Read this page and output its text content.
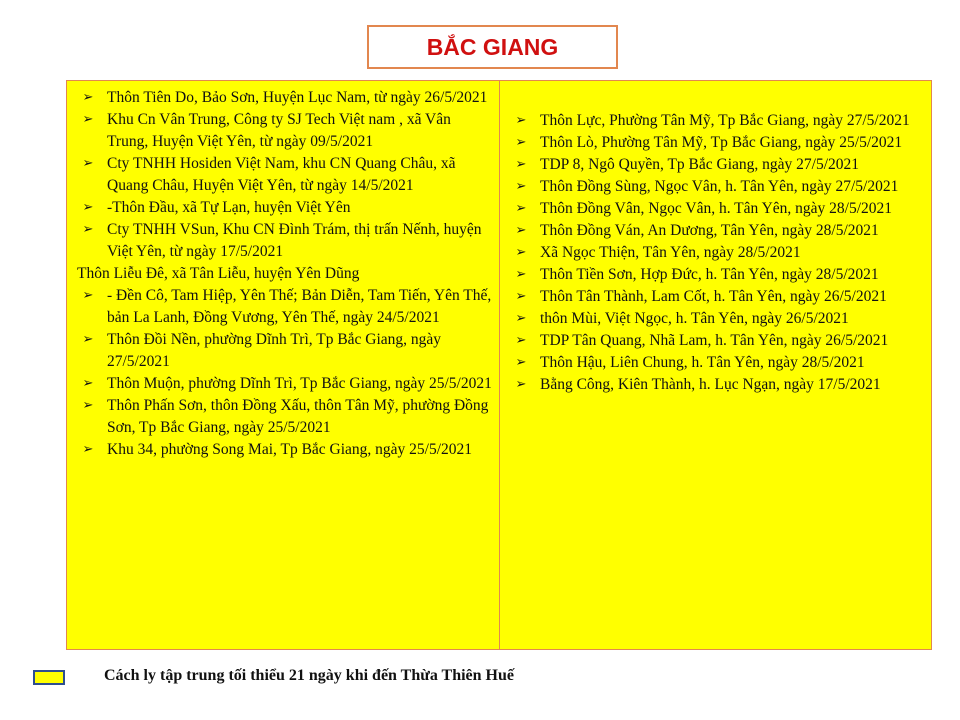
BẮC GIANG
➢ Thôn Tiên Do, Bảo Sơn, Huyện Lục Nam, từ ngày 26/5/2021
➢ Khu Cn Vân Trung, Công ty SJ Tech Việt nam , xã Vân Trung, Huyện Việt Yên, từ ngày 09/5/2021
➢ Cty TNHH Hosiden Việt Nam, khu CN Quang Châu, xã Quang Châu, Huyện Việt Yên, từ ngày 14/5/2021
➢ -Thôn Đầu, xã Tự Lạn, huyện Việt Yên
➢ Cty TNHH VSun, Khu CN Đình Trám, thị trấn Nếnh, huyện Việt Yên, từ ngày 17/5/2021
Thôn Liễu Đê, xã Tân Liễu, huyện Yên Dũng
➢ - Đền Cô, Tam Hiệp, Yên Thế; Bản Diễn, Tam Tiến, Yên Thế, bản La Lanh, Đồng Vương, Yên Thế, ngày 24/5/2021
➢ Thôn Đồi Nền, phường Dĩnh Trì, Tp Bắc Giang, ngày 27/5/2021
➢ Thôn Muộn, phường Dĩnh Trì, Tp Bắc Giang, ngày 25/5/2021
➢ Thôn Phấn Sơn, thôn Đồng Xấu, thôn Tân Mỹ, phường Đồng Sơn, Tp Bắc Giang, ngày 25/5/2021
➢ Khu 34, phường Song Mai, Tp Bắc Giang, ngày 25/5/2021
➢ Thôn Lực, Phường Tân Mỹ, Tp Bắc Giang, ngày 27/5/2021
➢ Thôn Lò, Phường Tân Mỹ, Tp Bắc Giang, ngày 25/5/2021
➢ TDP 8, Ngô Quyền, Tp Bắc Giang, ngày 27/5/2021
➢ Thôn Đồng Sùng, Ngọc Vân, h. Tân Yên, ngày 27/5/2021
➢ Thôn Đồng Vân, Ngọc Vân, h. Tân Yên, ngày 28/5/2021
➢ Thôn Đồng Ván, An Dương, Tân Yên, ngày 28/5/2021
➢ Xã Ngọc Thiện, Tân Yên, ngày 28/5/2021
➢ Thôn Tiền Sơn, Hợp Đức, h. Tân Yên, ngày 28/5/2021
➢ Thôn Tân Thành, Lam Cốt, h. Tân Yên, ngày 26/5/2021
➢ thôn Mùi, Việt Ngọc, h. Tân Yên, ngày 26/5/2021
➢ TDP Tân Quang, Nhã Lam, h. Tân Yên, ngày 26/5/2021
➢ Thôn Hậu, Liên Chung, h. Tân Yên, ngày 28/5/2021
➢ Bằng Công, Kiên Thành, h. Lục Ngạn, ngày 17/5/2021
Cách ly tập trung tối thiểu 21 ngày khi đến Thừa Thiên Huế
